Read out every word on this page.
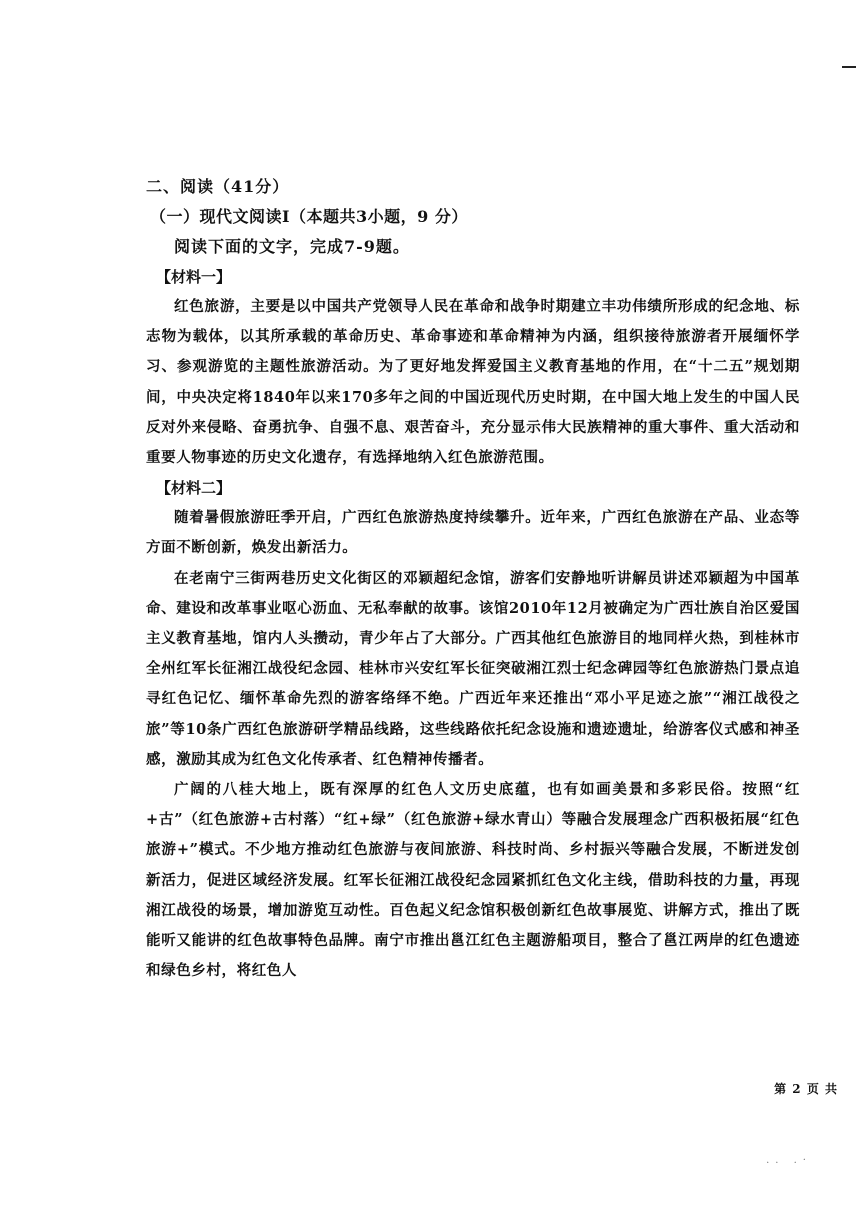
二、阅读（41分）
（一）现代文阅读Ⅰ（本题共3小题，9 分）
阅读下面的文字，完成7-9题。
【材料一】

红色旅游，主要是以中国共产党领导人民在革命和战争时期建立丰功伟绩所形成的纪念地、标志物为载体，以其所承载的革命历史、革命事迹和革命精神为内涵，组织接待旅游者开展缅怀学习、参观游览的主题性旅游活动。为了更好地发挥爱国主义教育基地的作用，在“十二五”规划期间，中央决定将1840年以来170多年之间的中国近现代历史时期，在中国大地上发生的中国人民反对外来侵略、奋勇抗争、自强不息、艰苦奋斗，充分显示伟大民族精神的重大事件、重大活动和重要人物事迹的历史文化遗存，有选择地纳入红色旅游范围。

【材料二】

随着暑假旅游旺季开启，广西红色旅游热度持续攀升。近年来，广西红色旅游在产品、业态等方面不断创新，焕发出新活力。

在老南宁三街两巷历史文化街区的邓颖超纪念馆，游客们安静地听讲解员讲述邓颖超为中国革命、建设和改革事业呕心沥血、无私奉献的故事。该馆2010年12月被确定为广西壮族自治区爱国主义教育基地，馆内人头攒动，青少年占了大部分。广西其他红色旅游目的地同样火热，到桂林市全州红军长征湘江战役纪念园、桂林市兴安红军长征突破湘江烈士纪念碑园等红色旅游热门景点追寻红色记忆、缅怀革命先烈的游客络绎不绝。广西近年来还推出“邓小平足迹之旅”“湘江战役之旅”等10条广西红色旅游研学精品线路，这些线路依托纪念设施和遗迹遗址，给游客仪式感和神圣感，激励其成为红色文化传承者、红色精神传播者。

广阔的八桂大地上，既有深厚的红色人文历史底蕴，也有如画美景和多彩民俗。按照“红+古”（红色旅游+古村落）“红+绿”（红色旅游+绿水青山）等融合发展理念广西积极拓展“红色旅游+”模式。不少地方推动红色旅游与夜间旅游、科技时尚、乡村振兴等融合发展，不断迸发创新活力，促进区域经济发展。红军长征湘江战役纪念园紧抓红色文化主线，借助科技的力量，再现湘江战役的场景，增加游览互动性。百色起义纪念馆积极创新红色故事展览、讲解方式，推出了既能听又能讲的红色故事特色品牌。南宁市推出邕江红色主题游船项目，整合了邕江两岸的红色遗迹和绿色乡村，将红色人

第 2 页 共
.. .·
